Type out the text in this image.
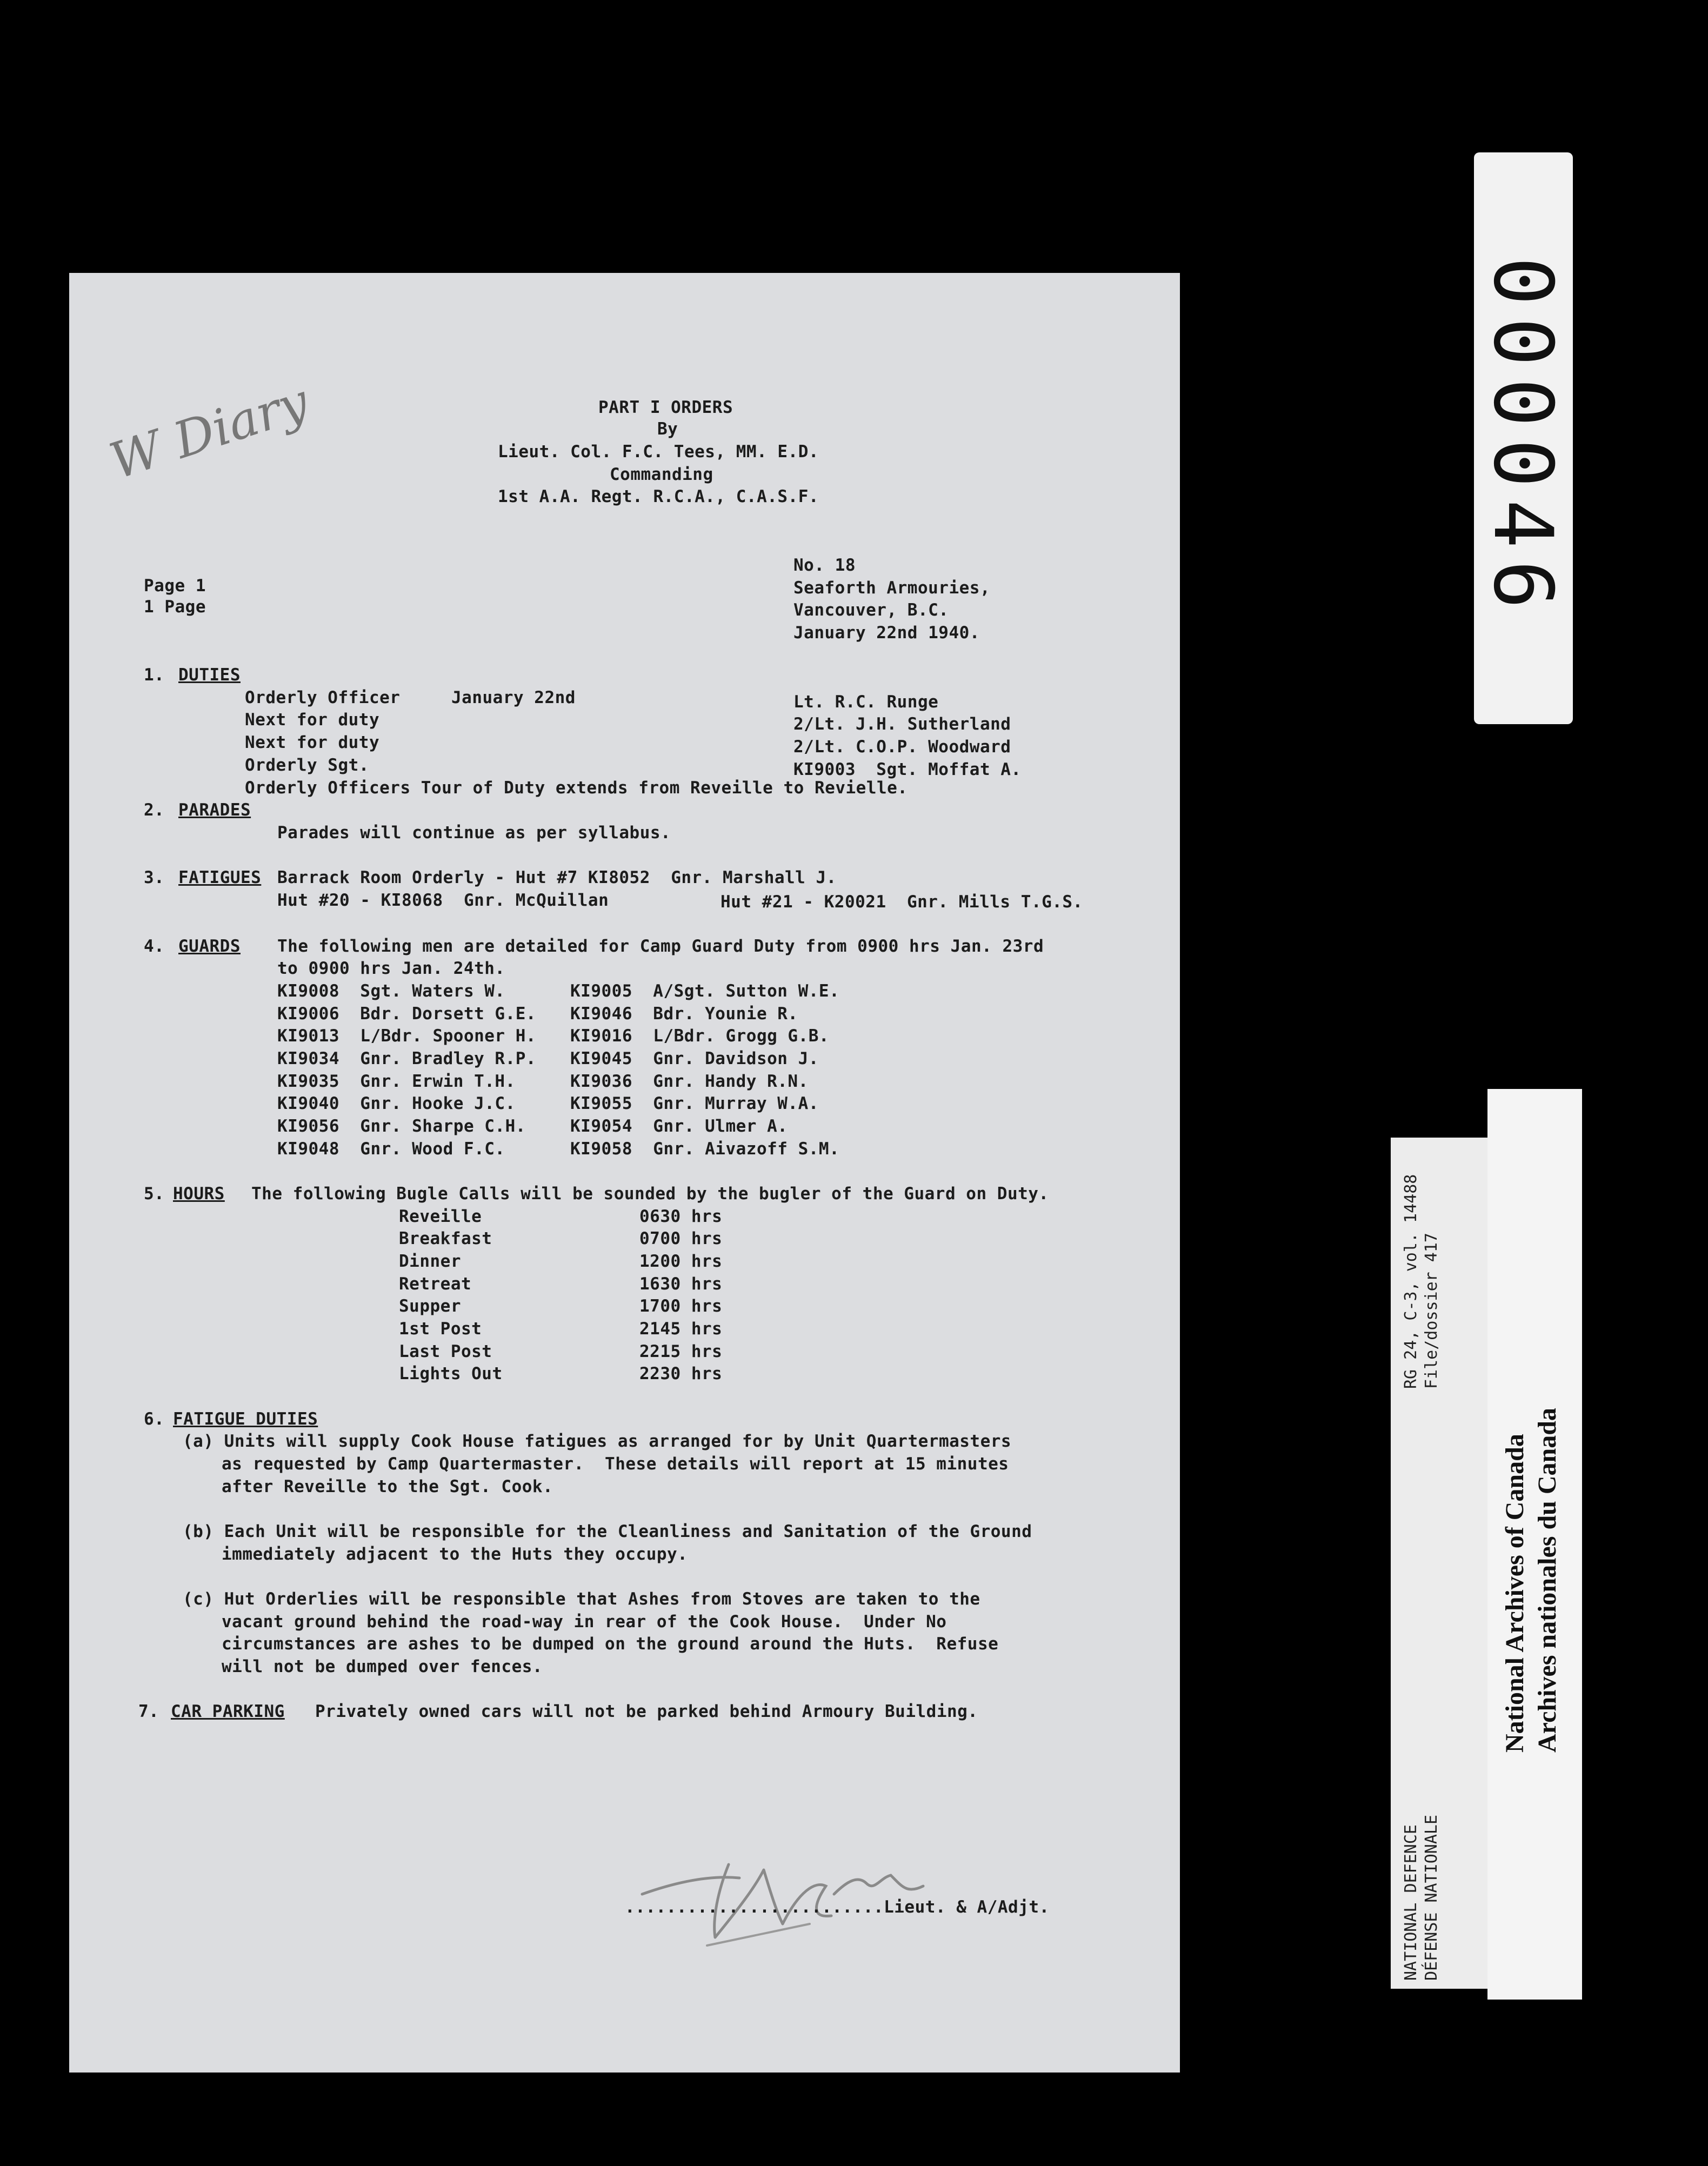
W Diary	PART I ORDERS
By
Lieut. Col. F.C. Tees, MM. E.D.
Commanding
1st A.A. Regt. R.C.A., C.A.S.F.
Page 1
1 Page
No. 18
Seaforth Armouries,
Vancouver, B.C.
January 22nd 1940.
1. DUTIES
Orderly Officer	January 22nd	Lt. R.C. Runge
Next for duty	2/Lt. J.H. Sutherland
Next for duty	2/Lt. C.O.P. Woodward
Orderly Sgt.	KI9003  Sgt. Moffat A.
Orderly Officers Tour of Duty extends from Reveille to Revielle.
2. PARADES
Parades will continue as per syllabus.
3. FATIGUES Barrack Room Orderly - Hut #7 KI8052  Gnr. Marshall J.
Hut #20 - KI8068  Gnr. McQuillan	Hut #21 - K20021  Gnr. Mills T.G.S.
4. GUARDS The following men are detailed for Camp Guard Duty from 0900 hrs Jan. 23rd
to 0900 hrs Jan. 24th.
KI9008  Sgt. Waters W.	KI9005  A/Sgt. Sutton W.E.
KI9006  Bdr. Dorsett G.E. KI9046  Bdr. Younie R.
KI9013  L/Bdr. Spooner H. KI9016  L/Bdr. Grogg G.B.
KI9034  Gnr. Bradley R.P. KI9045  Gnr. Davidson J.
KI9035  Gnr. Erwin T.H.	KI9036  Gnr. Handy R.N.
KI9040  Gnr. Hooke J.C.	KI9055  Gnr. Murray W.A.
KI9056  Gnr. Sharpe C.H.	KI9054  Gnr. Ulmer A.
KI9048  Gnr. Wood F.C.	KI9058  Gnr. Aivazoff S.M.
5. HOURS The following Bugle Calls will be sounded by the bugler of the Guard on Duty.
Reveille	0630 hrs
Breakfast	0700 hrs
Dinner	1200 hrs
Retreat	1630 hrs
Supper	1700 hrs
1st Post	2145 hrs
Last Post	2215 hrs
Lights Out	2230 hrs
6. FATIGUE DUTIES
(a) Units will supply Cook House fatigues as arranged for by Unit Quartermasters
as requested by Camp Quartermaster.  These details will report at 15 minutes
after Reveille to the Sgt. Cook.
(b) Each Unit will be responsible for the Cleanliness and Sanitation of the Ground
immediately adjacent to the Huts they occupy.
(c) Hut Orderlies will be responsible that Ashes from Stoves are taken to the
vacant ground behind the road-way in rear of the Cook House.  Under No
circumstances are ashes to be dumped on the ground around the Huts.  Refuse
will not be dumped over fences.
7. CAR PARKING Privately owned cars will not be parked behind Armoury Building.
.........................Lieut. & A/Adjt.
000046
RG 24, C-3, vol. 14488 File/dossier 417
NATIONAL DEFENCE DÉFENSE NATIONALE
National Archives of Canada Archives nationales du Canada
